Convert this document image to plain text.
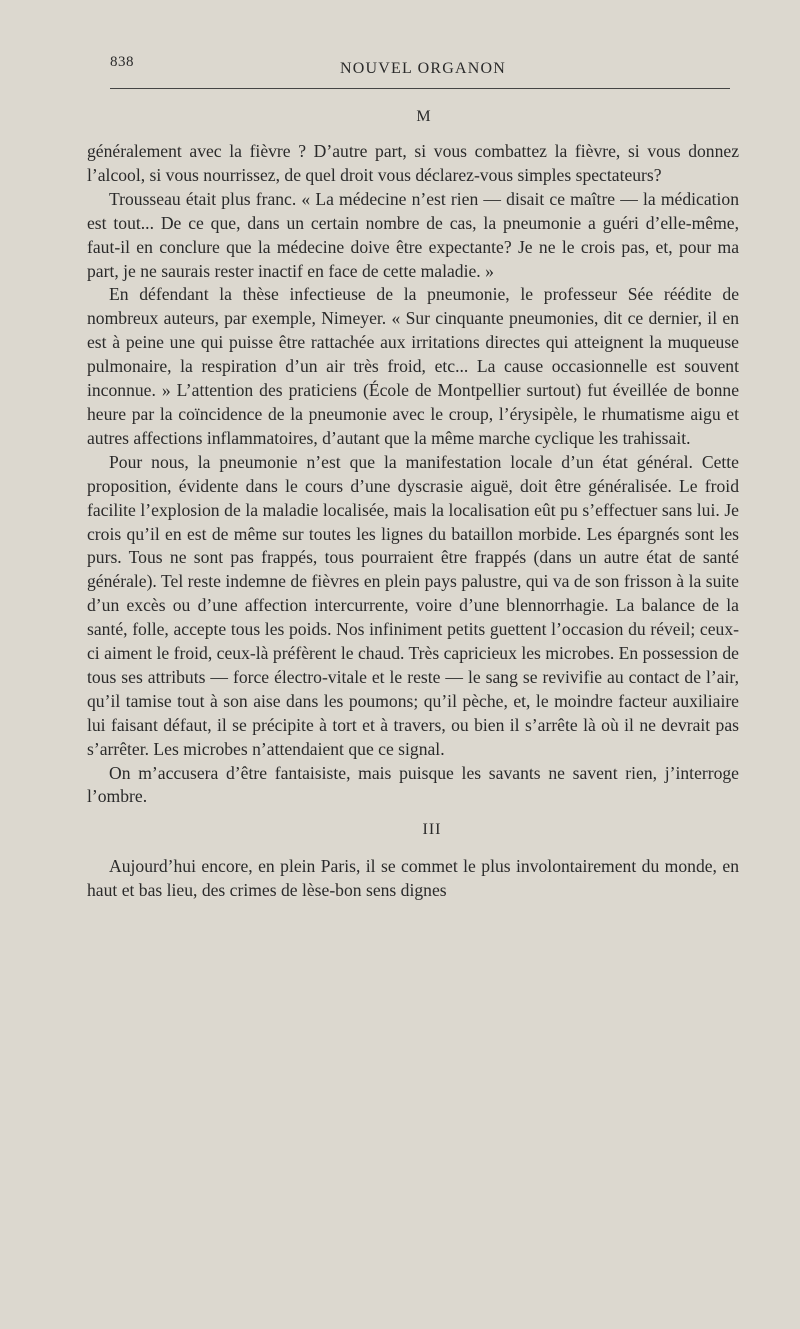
838	NOUVEL ORGANON
M

généralement avec la fièvre ? D’autre part, si vous combattez la fièvre, si vous donnez l’alcool, si vous nourrissez, de quel droit vous déclarez-vous simples spectateurs?

Trousseau était plus franc. « La médecine n’est rien — disait ce maître — la médication est tout... De ce que, dans un certain nombre de cas, la pneumonie a guéri d’elle-même, faut-il en conclure que la médecine doive être expectante? Je ne le crois pas, et, pour ma part, je ne saurais rester inactif en face de cette maladie. »

En défendant la thèse infectieuse de la pneumonie, le professeur Sée réédite de nombreux auteurs, par exemple, Nimeyer. « Sur cinquante pneumonies, dit ce dernier, il en est à peine une qui puisse être rattachée aux irritations directes qui atteignent la muqueuse pulmonaire, la respiration d’un air très froid, etc... La cause occasionnelle est souvent inconnue. » L’attention des praticiens (École de Montpellier surtout) fut éveillée de bonne heure par la coïncidence de la pneumonie avec le croup, l’érysipèle, le rhumatisme aigu et autres affections inflammatoires, d’autant que la même marche cyclique les trahissait.

Pour nous, la pneumonie n’est que la manifestation locale d’un état général. Cette proposition, évidente dans le cours d’une dyscrasie aiguë, doit être généralisée. Le froid facilite l’explosion de la maladie localisée, mais la localisation eût pu s’effectuer sans lui. Je crois qu’il en est de même sur toutes les lignes du bataillon morbide. Les épargnés sont les purs. Tous ne sont pas frappés, tous pourraient être frappés (dans un autre état de santé générale). Tel reste indemne de fièvres en plein pays palustre, qui va de son frisson à la suite d’un excès ou d’une affection intercurrente, voire d’une blennorrhagie. La balance de la santé, folle, accepte tous les poids. Nos infiniment petits guettent l’occasion du réveil; ceux-ci aiment le froid, ceux-là préfèrent le chaud. Très capricieux les microbes. En possession de tous ses attributs — force électro-vitale et le reste — le sang se revivifie au contact de l’air, qu’il tamise tout à son aise dans les poumons; qu’il pèche, et, le moindre facteur auxiliaire lui faisant défaut, il se précipite à tort et à travers, ou bien il s’arrête là où il ne devrait pas s’arrêter. Les microbes n’attendaient que ce signal.

On m’accusera d’être fantaisiste, mais puisque les savants ne savent rien, j’interroge l’ombre.

III

Aujourd’hui encore, en plein Paris, il se commet le plus involontairement du monde, en haut et bas lieu, des crimes de lèse-bon sens dignes
